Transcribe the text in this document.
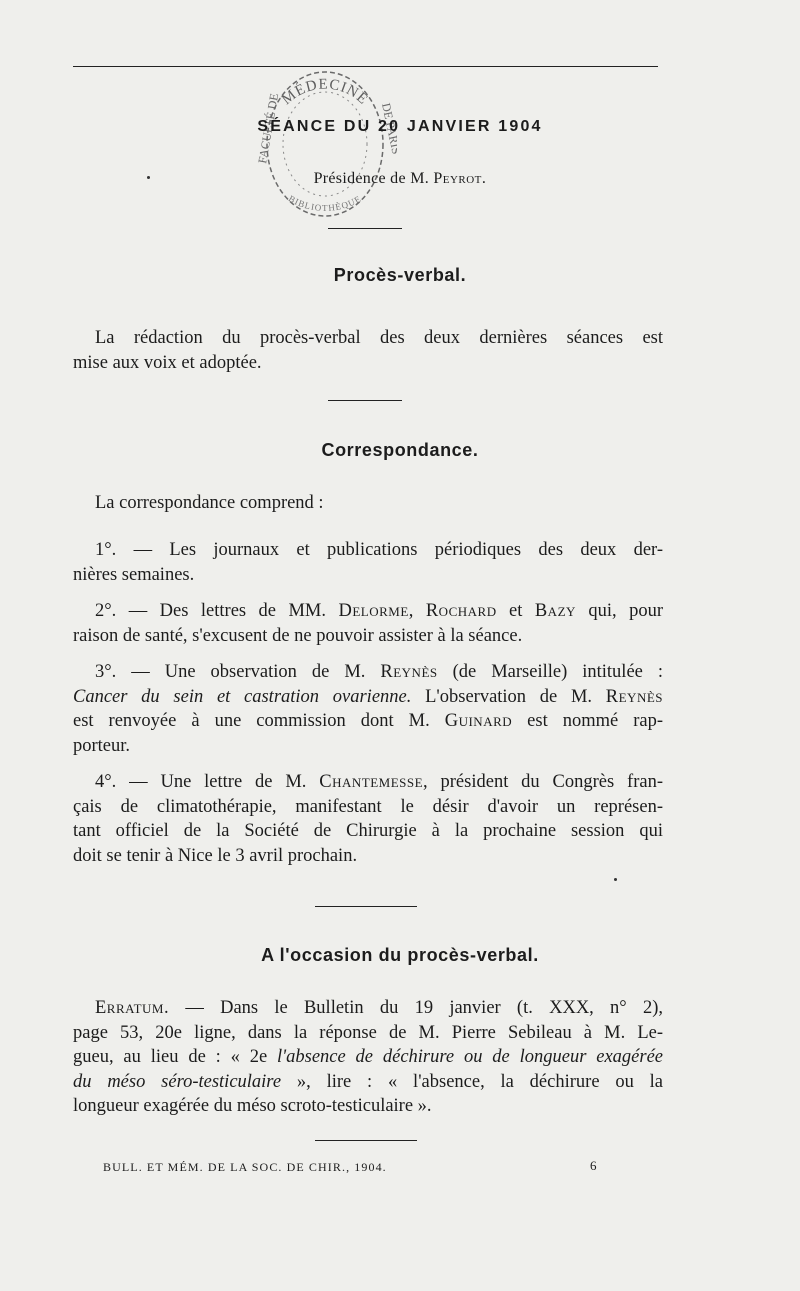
MÉDECINE
BIBLIOTHÈQUE
FACULTÉ DE	DE PARIS
SÉANCE DU 20 JANVIER 1904
Présidence de M. Peyrot.
Procès-verbal.
La rédaction du procès-verbal des deux dernières séances est
mise aux voix et adoptée.
Correspondance.
La correspondance comprend :
1°. — Les journaux et publications périodiques des deux der-
nières semaines.
2°. — Des lettres de MM. Delorme, Rochard et Bazy qui, pour
raison de santé, s'excusent de ne pouvoir assister à la séance.
3°. — Une observation de M. Reynès (de Marseille) intitulée :
Cancer du sein et castration ovarienne. L'observation de M. Reynès
est renvoyée à une commission dont M. Guinard est nommé rap-
porteur.
4°. — Une lettre de M. Chantemesse, président du Congrès fran-
çais de climatothérapie, manifestant le désir d'avoir un représen-
tant officiel de la Société de Chirurgie à la prochaine session qui
doit se tenir à Nice le 3 avril prochain.
A l'occasion du procès-verbal.
Erratum. — Dans le Bulletin du 19 janvier (t. XXX, n° 2),
page 53, 20e ligne, dans la réponse de M. Pierre Sebileau à M. Le-
gueu, au lieu de : « 2e l'absence de déchirure ou de longueur exagérée
du méso séro-testiculaire », lire : « l'absence, la déchirure ou la
longueur exagérée du méso scroto-testiculaire ».
BULL. ET MÉM. DE LA SOC. DE CHIR., 1904.	6
